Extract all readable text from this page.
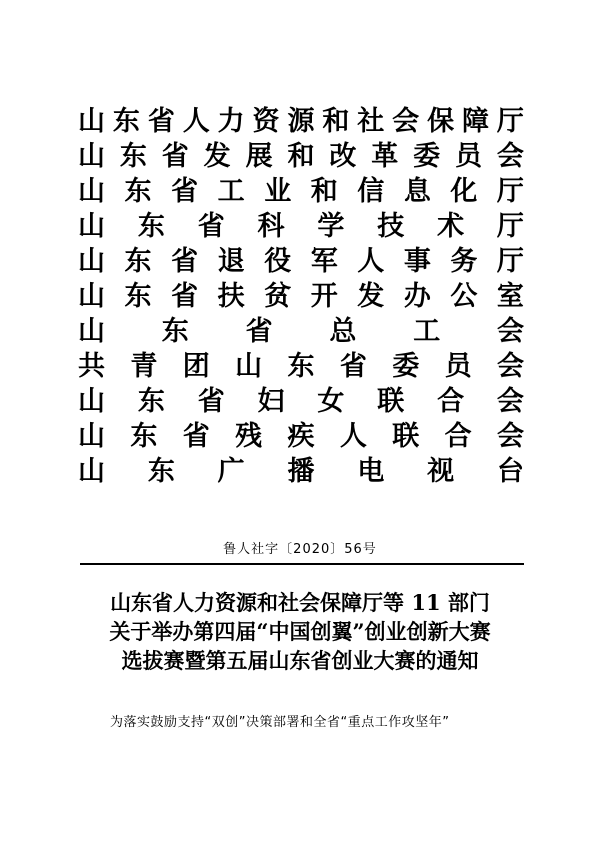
山 东 省 人 力 资 源 和 社 会 保 障 厅
山 东 省 发 展 和 改 革 委 员 会
山 东 省 工 业 和 信 息 化 厅
山 东 省 科 学 技 术 厅
山 东 省 退 役 军 人 事 务 厅
山 东 省 扶 贫 开 发 办 公 室
山 东 省 总 工 会
共 青 团 山 东 省 委 员 会
山 东 省 妇 女 联 合 会
山 东 省 残 疾 人 联 合 会
山 东 广 播 电 视 台
鲁人社字〔2020〕56号
山东省人力资源和社会保障厅等 11 部门
关于举办第四届“中国创翼”创业创新大赛
选拔赛暨第五届山东省创业大赛的通知
为落实鼓励支持“双创”决策部署和全省“重点工作攻坚年”
